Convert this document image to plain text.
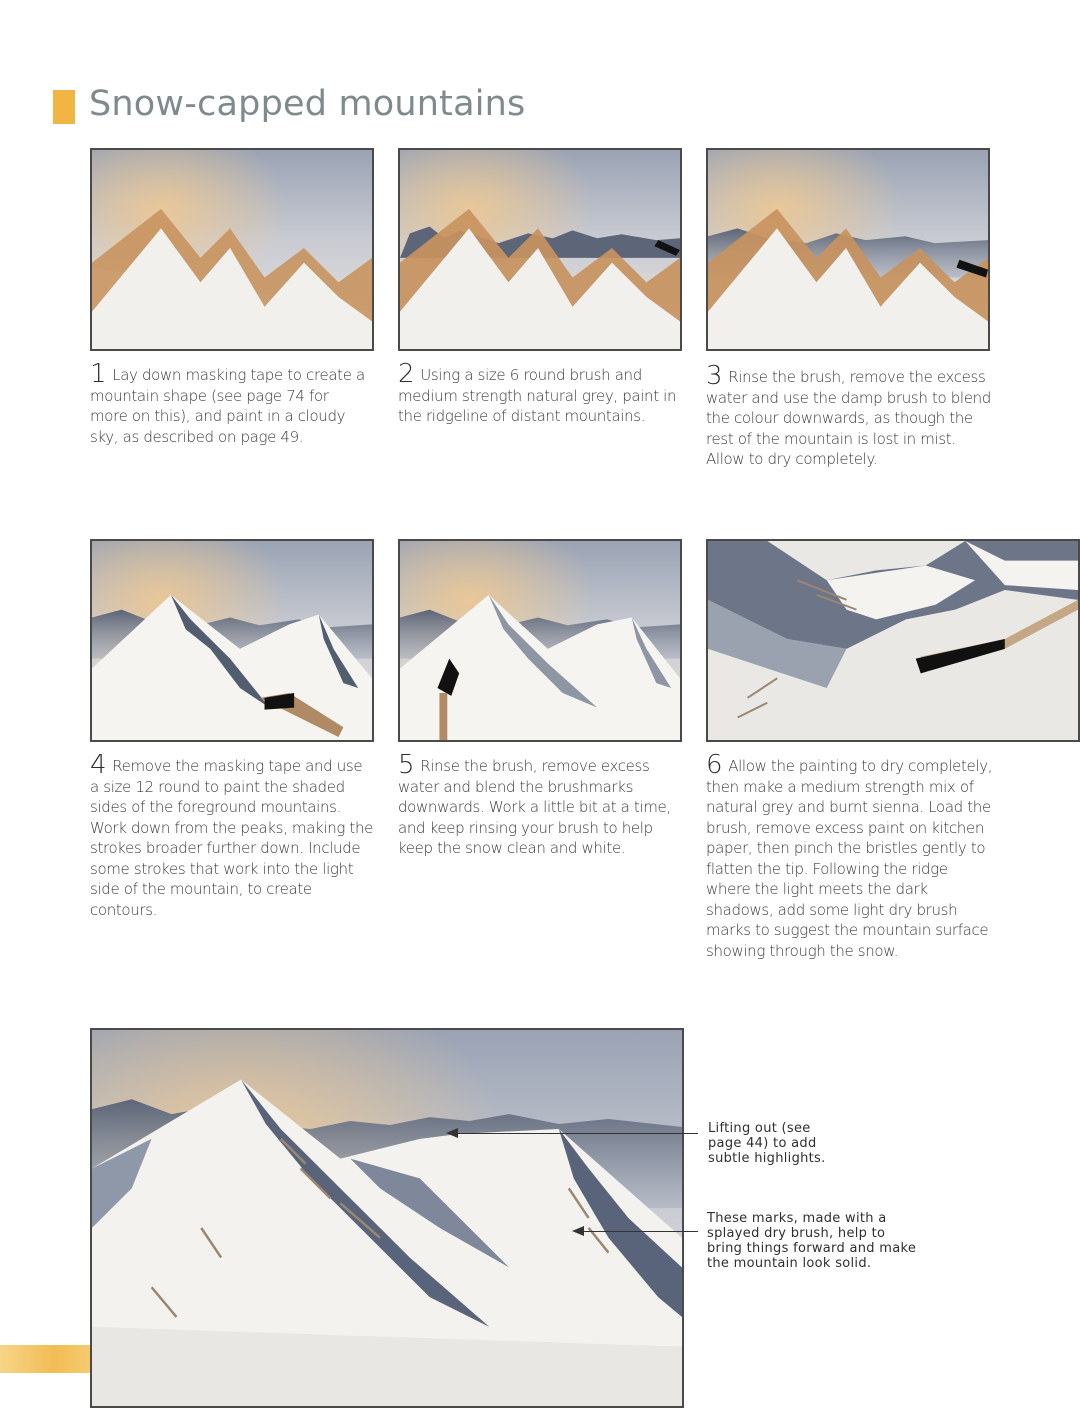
Snow-capped mountains
1 Lay down masking tape to create a mountain shape (see page 74 for more on this), and paint in a cloudy sky, as described on page 49.
2 Using a size 6 round brush and medium strength natural grey, paint in the ridgeline of distant mountains.
3 Rinse the brush, remove the excess water and use the damp brush to blend the colour downwards, as though the rest of the mountain is lost in mist. Allow to dry completely.
4 Remove the masking tape and use a size 12 round to paint the shaded sides of the foreground mountains. Work down from the peaks, making the strokes broader further down. Include some strokes that work into the light side of the mountain, to create contours.
5 Rinse the brush, remove excess water and blend the brushmarks downwards. Work a little bit at a time, and keep rinsing your brush to help keep the snow clean and white.
6 Allow the painting to dry completely, then make a medium strength mix of natural grey and burnt sienna. Load the brush, remove excess paint on kitchen paper, then pinch the bristles gently to flatten the tip. Following the ridge where the light meets the dark shadows, add some light dry brush marks to suggest the mountain surface showing through the snow.
Lifting out (see page 44) to add subtle highlights.
These marks, made with a splayed dry brush, help to bring things forward and make the mountain look solid.
